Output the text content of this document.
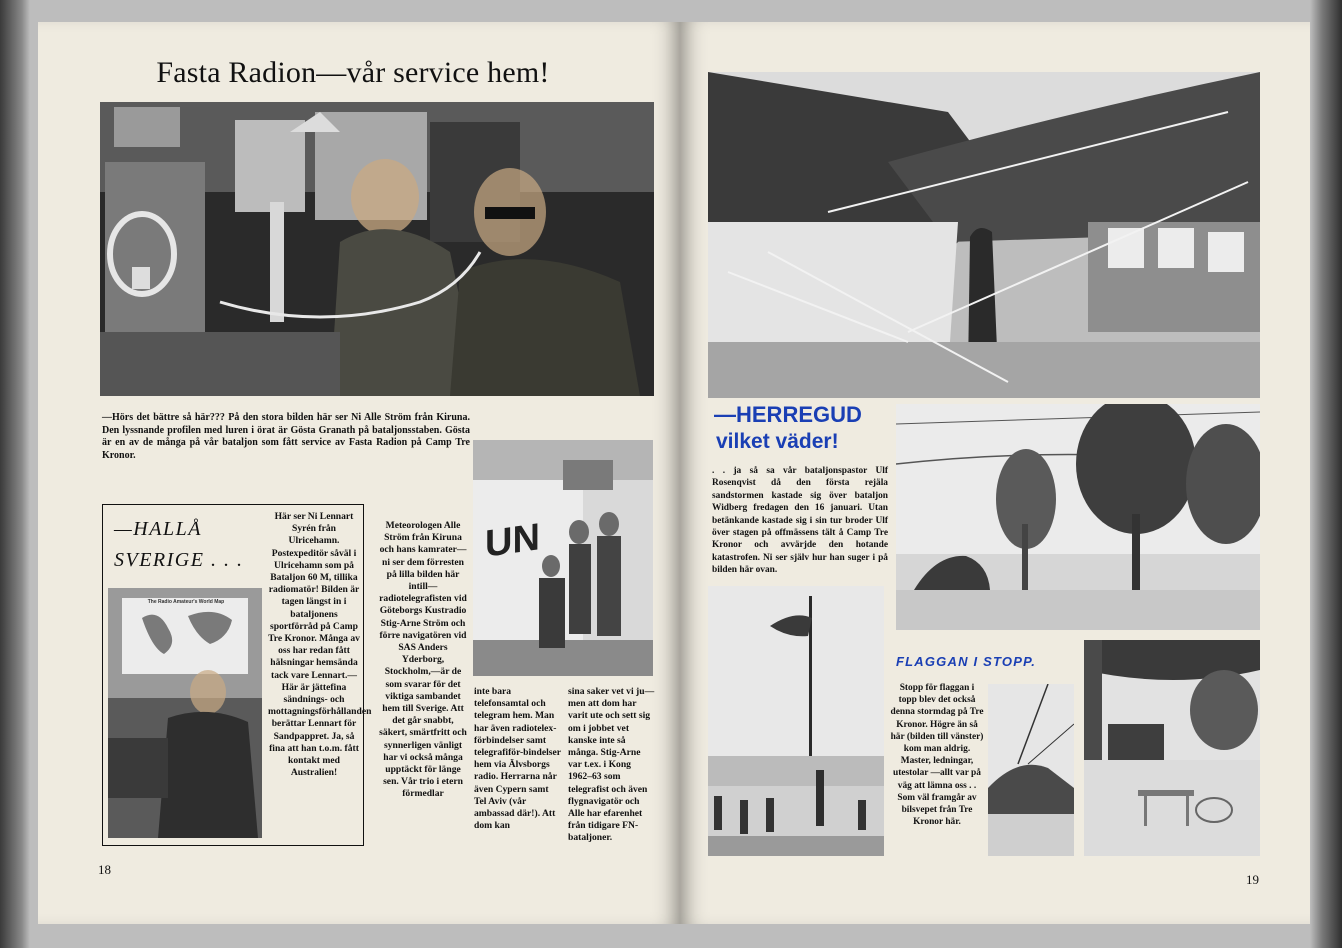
Fasta Radion—vår service hem!
—Hörs det bättre så här??? På den stora bilden här ser Ni Alle Ström från Kiruna. Den lyssnande profilen med luren i örat är Gösta Granath på bataljonsstaben. Gösta är en av de många på vår bataljon som fått service av Fasta Radion på Camp Tre Kronor.
UN
—HALLÅ SVERIGE . . .
The Radio Amateur's World Map
Här ser Ni Lennart Syrén från Ulricehamn. Postexpeditör såväl i Ulricehamn som på Bataljon 60 M, tillika radiomatör! Bilden är tagen längst in i bataljonens sportförråd på Camp Tre Kronor. Många av oss har redan fått hälsningar hemsända tack vare Lennart.— Här är jättefina sändnings- och mottagningsförhållanden berättar Lennart för Sandpappret. Ja, så fina att han t.o.m. fått kontakt med Australien!
Meteorologen Alle Ström från Kiruna och hans kamrater—ni ser dem förresten på lilla bilden här intill— radiotelegrafisten vid Göteborgs Kustradio Stig-Arne Ström och förre navigatören vid SAS Anders Yderborg, Stockholm,—är de som svarar för det viktiga sambandet hem till Sverige. Att det går snabbt, säkert, smärtfritt och synnerligen vänligt har vi också många upptäckt för länge sen. Vår trio i etern förmedlar
inte bara telefonsamtal och telegram hem. Man har även radiotelex-förbindelser samt telegrafiför-bindelser hem via Älvsborgs radio. Herrarna når även Cypern samt Tel Aviv (vår ambassad där!). Att dom kan
sina saker vet vi ju—men att dom har varit ute och sett sig om i jobbet vet kanske inte så många. Stig-Arne var t.ex. i Kong 1962–63 som telegrafist och även flygnavigatör och Alle har efarenhet från tidigare FN-bataljoner.
18
—HERREGUD
vilket väder!
. . ja så sa vår bataljonspastor Ulf Rosenqvist då den första rejäla sandstormen kastade sig över bataljon Widberg fredagen den 16 januari. Utan betänkande kastade sig i sin tur broder Ulf över stagen på offmässens tält å Camp Tre Kronor och avvärjde den hotande katastrofen. Ni ser själv hur han suger i på bilden här ovan.
FLAGGAN I STOPP.
Stopp för flaggan i topp blev det också denna stormdag på Tre Kronor. Högre än så här (bilden till vänster) kom man aldrig. Master, ledningar, utestolar —allt var på väg att lämna oss . . Som väl framgår av bilsvepet från Tre Kronor här.
19
